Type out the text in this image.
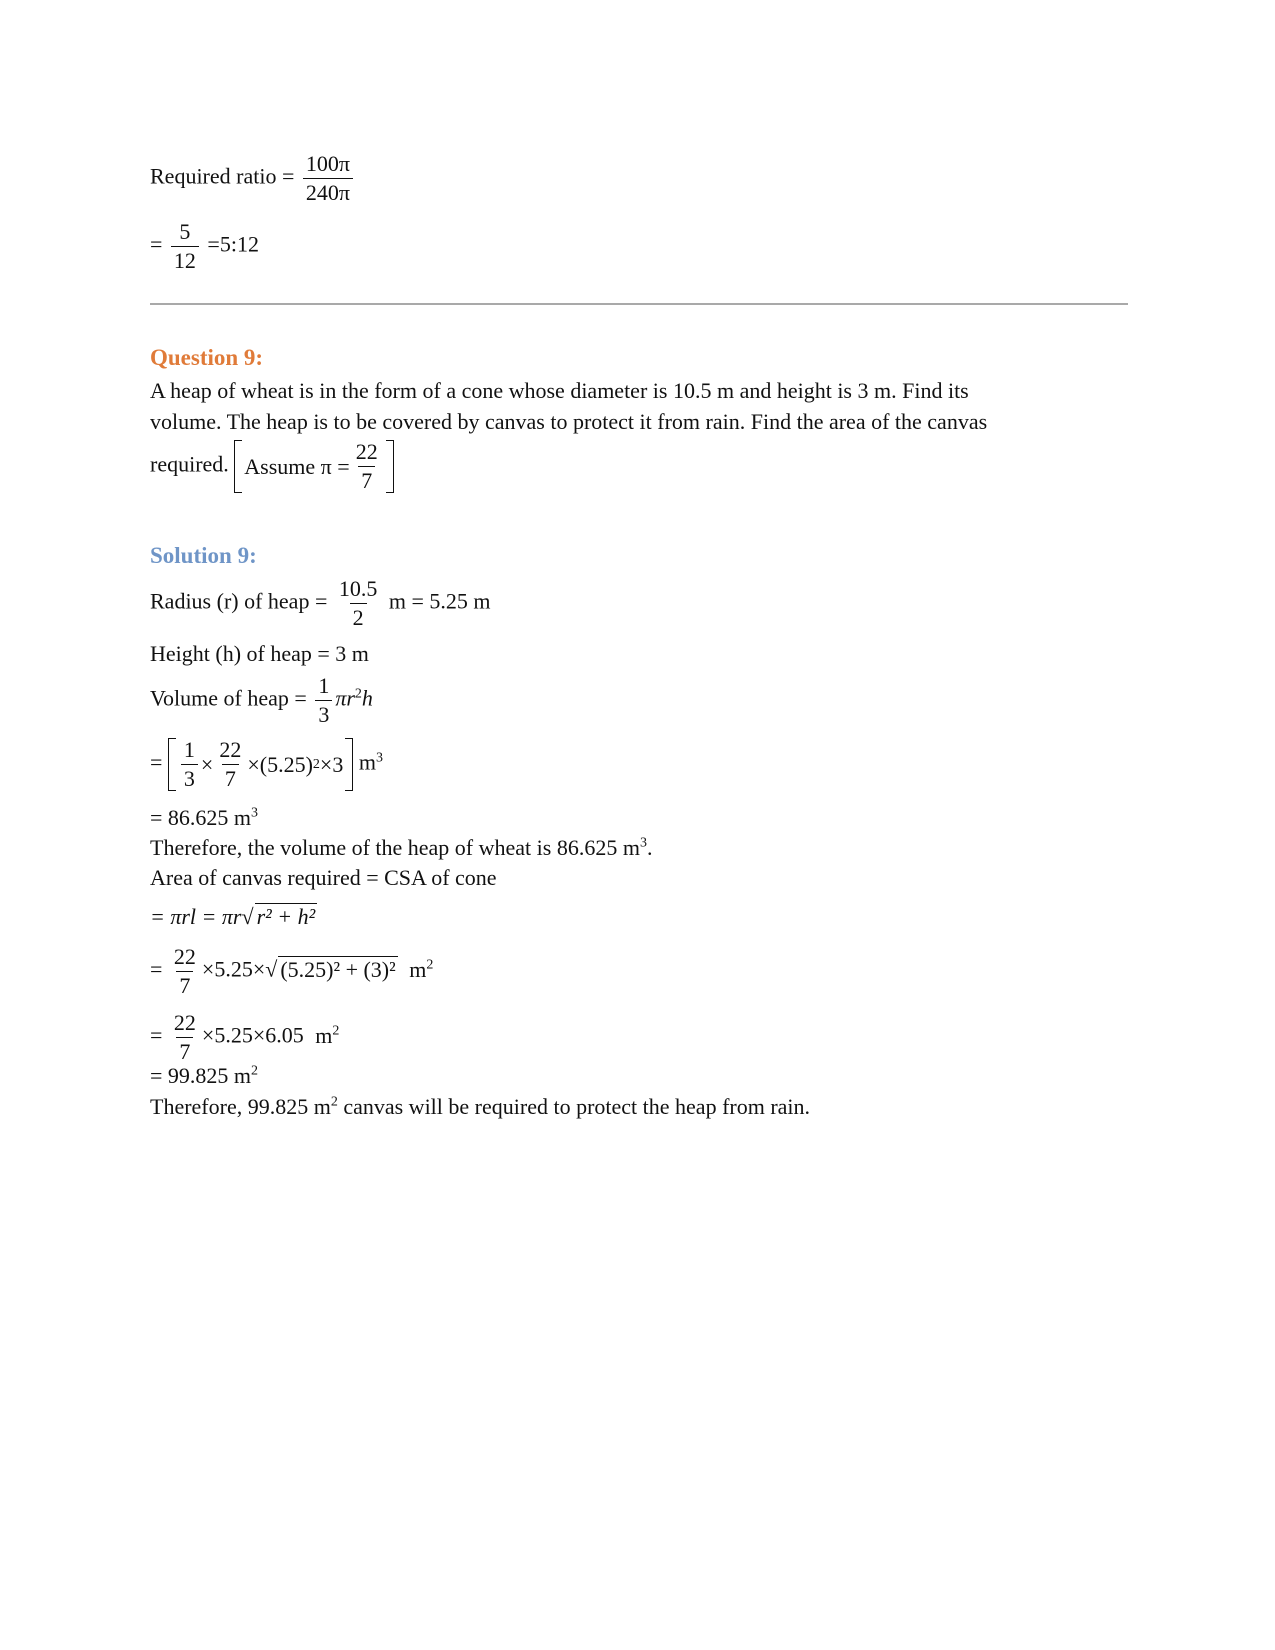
Required ratio = $\frac{100\pi}{240\pi}$
= $\frac{5}{12}$ =5:12
Question 9:
A heap of wheat is in the form of a cone whose diameter is 10.5 m and height is 3 m. Find its
volume. The heap is to be covered by canvas to protect it from rain. Find the area of the canvas
required. Assume $\pi = \frac{22}{7}$
Solution 9:
Radius (r) of heap = $\frac{10.5}{2}$ m = 5.25 m
Height (h) of heap = 3 m
Volume of heap = $\frac{1}{3} \pi r^2h$
= $\frac{1}{3} \times \frac{22}{7} \times(5.25)$ 2 ×3 $m^3$
= 86.625 $m^3$
Therefore, the volume of the heap of wheat is 86.625 $m^3$.
Area of canvas required = CSA of cone
= πrl = πr√ r² + h²
= $\frac{22}{7} \times 5.25\times√$ (5.25)² + (3)² $m^2$
= $\frac{22}{7} \times 5.25\times 6.05$ $m^2$
= 99.825 $m^2$
Therefore, 99.825 $m^2$ canvas will be required to protect the heap from rain.
